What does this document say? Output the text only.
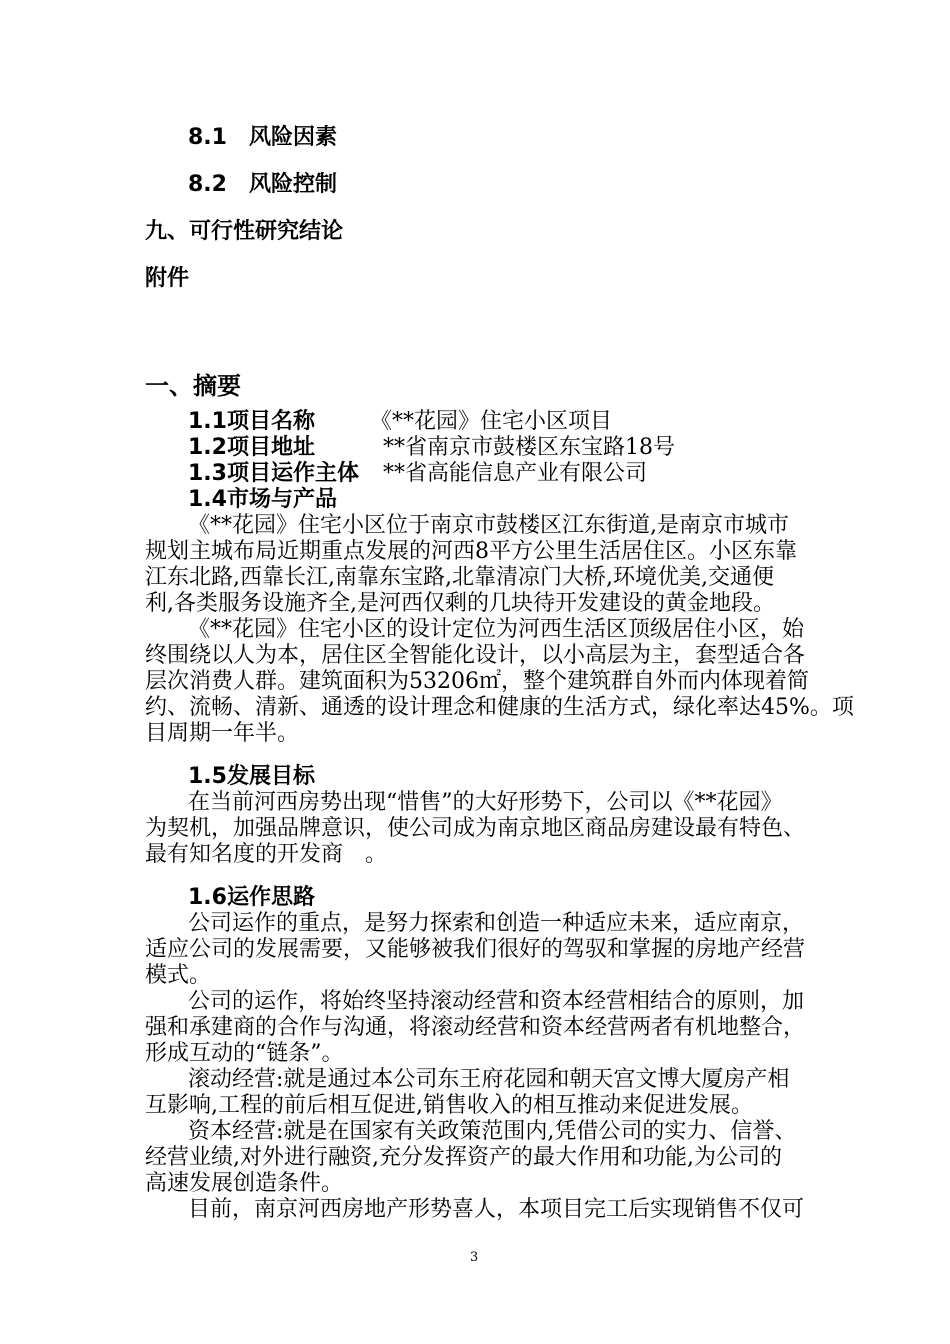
8.1　风险因素
8.2　风险控制
九、可行性研究结论
附件
一、摘要
1.1项目名称	《**花园》住宅小区项目
1.2项目地址	**省南京市鼓楼区东宝路18号
1.3项目运作主体 **省高能信息产业有限公司
1.4市场与产品
《**花园》住宅小区位于南京市鼓楼区江东街道,是南京市城市
规划主城布局近期重点发展的河西8平方公里生活居住区。小区东靠
江东北路,西靠长江,南靠东宝路,北靠清凉门大桥,环境优美,交通便
利,各类服务设施齐全,是河西仅剩的几块待开发建设的黄金地段。
《**花园》住宅小区的设计定位为河西生活区顶级居住小区，始
终围绕以人为本，居住区全智能化设计，以小高层为主，套型适合各
层次消费人群。建筑面积为53206㎡，整个建筑群自外而内体现着简
约、流畅、清新、通透的设计理念和健康的生活方式，绿化率达45%。项
目周期一年半。
1.5发展目标
在当前河西房势出现“惜售”的大好形势下，公司以《**花园》
为契机，加强品牌意识，使公司成为南京地区商品房建设最有特色、
最有知名度的开发商　。
1.6运作思路
公司运作的重点，是努力探索和创造一种适应未来，适应南京，
适应公司的发展需要，又能够被我们很好的驾驭和掌握的房地产经营
模式。
公司的运作，将始终坚持滚动经营和资本经营相结合的原则，加
强和承建商的合作与沟通，将滚动经营和资本经营两者有机地整合，
形成互动的“链条”。
滚动经营:就是通过本公司东王府花园和朝天宫文博大厦房产相
互影响,工程的前后相互促进,销售收入的相互推动来促进发展。
资本经营:就是在国家有关政策范围内,凭借公司的实力、信誉、
经营业绩,对外进行融资,充分发挥资产的最大作用和功能,为公司的
高速发展创造条件。
目前，南京河西房地产形势喜人，本项目完工后实现销售不仅可
3
